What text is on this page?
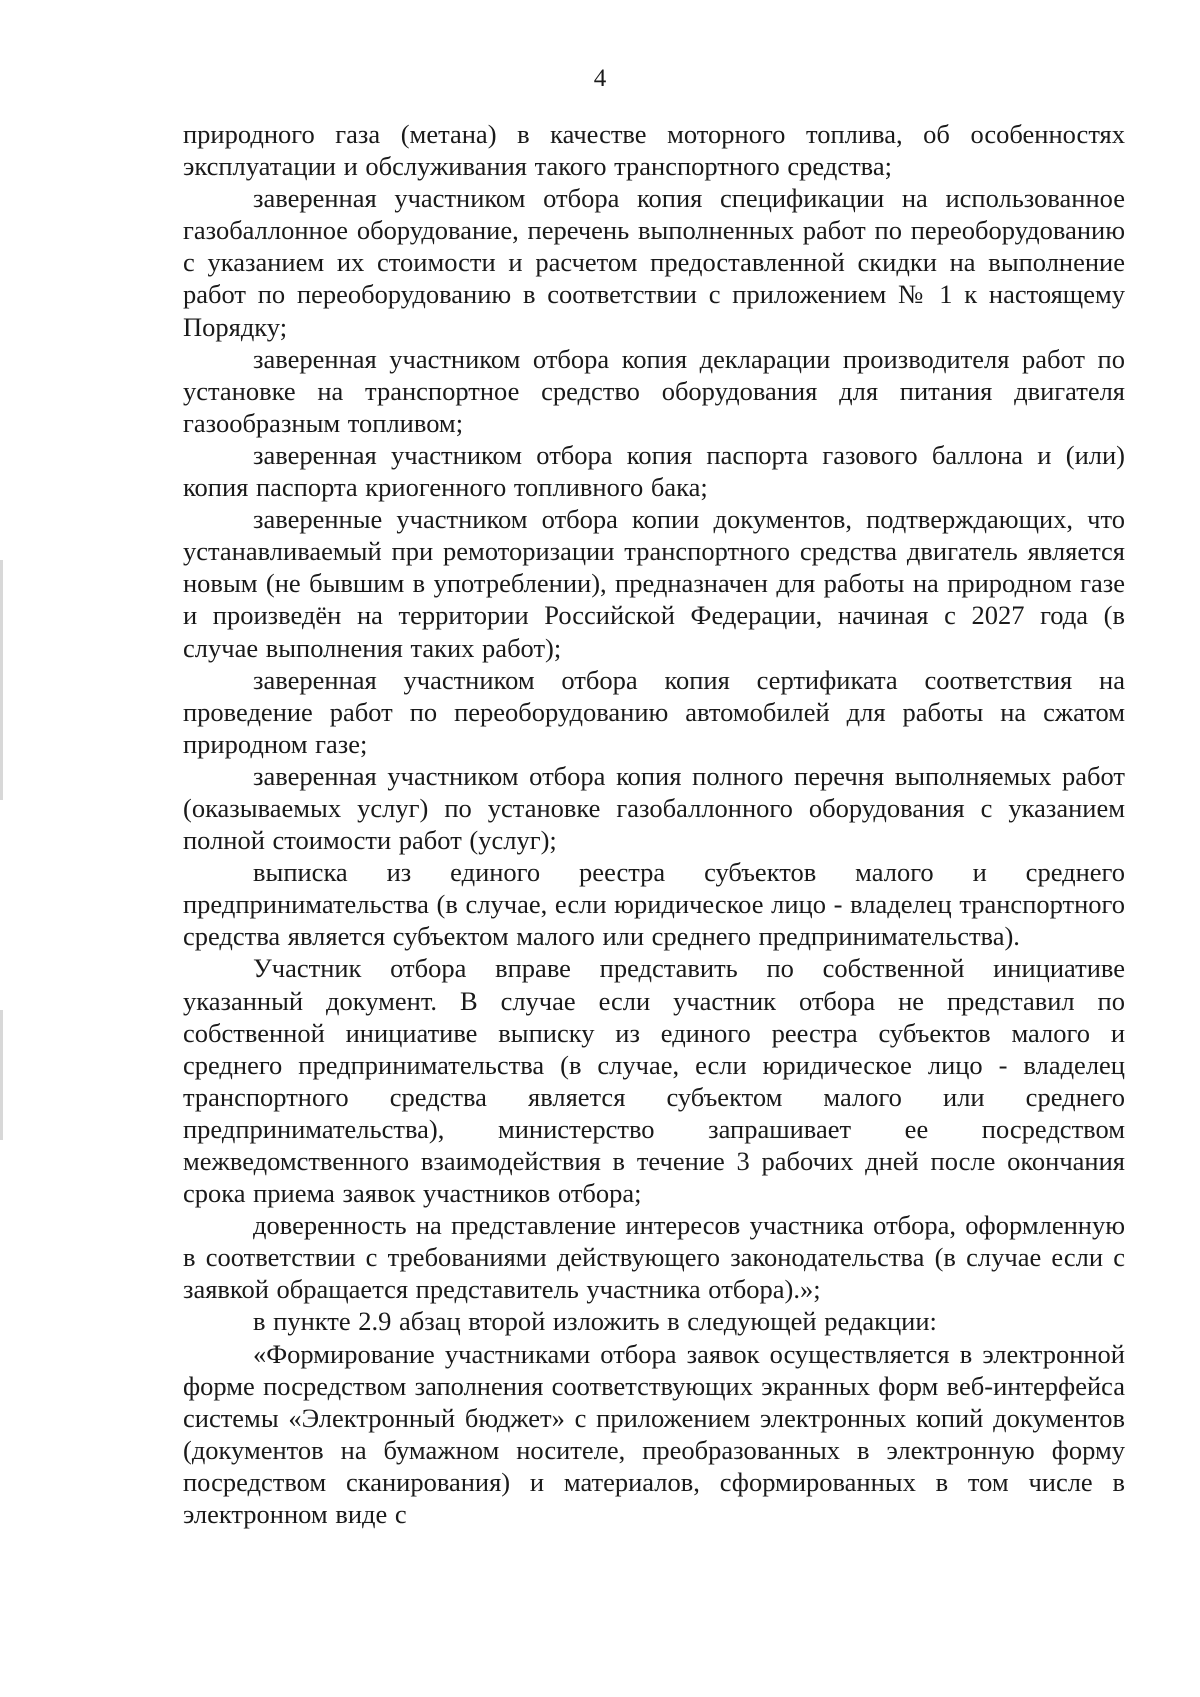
4

природного газа (метана) в качестве моторного топлива, об особенностях эксплуатации и обслуживания такого транспортного средства;

заверенная участником отбора копия спецификации на использованное газобаллонное оборудование, перечень выполненных работ по переоборудованию с указанием их стоимости и расчетом предоставленной скидки на выполнение работ по переоборудованию в соответствии с приложением № 1 к настоящему Порядку;

заверенная участником отбора копия декларации производителя работ по установке на транспортное средство оборудования для питания двигателя газообразным топливом;

заверенная участником отбора копия паспорта газового баллона и (или) копия паспорта криогенного топливного бака;

заверенные участником отбора копии документов, подтверждающих, что устанавливаемый при ремоторизации транспортного средства двигатель является новым (не бывшим в употреблении), предназначен для работы на природном газе и произведён на территории Российской Федерации, начиная с 2027 года (в случае выполнения таких работ);

заверенная участником отбора копия сертификата соответствия на проведение работ по переоборудованию автомобилей для работы на сжатом природном газе;

заверенная участником отбора копия полного перечня выполняемых работ (оказываемых услуг) по установке газобаллонного оборудования с указанием полной стоимости работ (услуг);

выписка из единого реестра субъектов малого и среднего предпринимательства (в случае, если юридическое лицо - владелец транспортного средства является субъектом малого или среднего предпринимательства).

Участник отбора вправе представить по собственной инициативе указанный документ. В случае если участник отбора не представил по собственной инициативе выписку из единого реестра субъектов малого и среднего предпринимательства (в случае, если юридическое лицо - владелец транспортного средства является субъектом малого или среднего предпринимательства), министерство запрашивает ее посредством межведомственного взаимодействия в течение 3 рабочих дней после окончания срока приема заявок участников отбора;

доверенность на представление интересов участника отбора, оформленную в соответствии с требованиями действующего законодательства (в случае если с заявкой обращается представитель участника отбора).»;

в пункте 2.9 абзац второй изложить в следующей редакции:

«Формирование участниками отбора заявок осуществляется в электронной форме посредством заполнения соответствующих экранных форм веб-интерфейса системы «Электронный бюджет» с приложением электронных копий документов (документов на бумажном носителе, преобразованных в электронную форму посредством сканирования) и материалов, сформированных в том числе в электронном виде с
